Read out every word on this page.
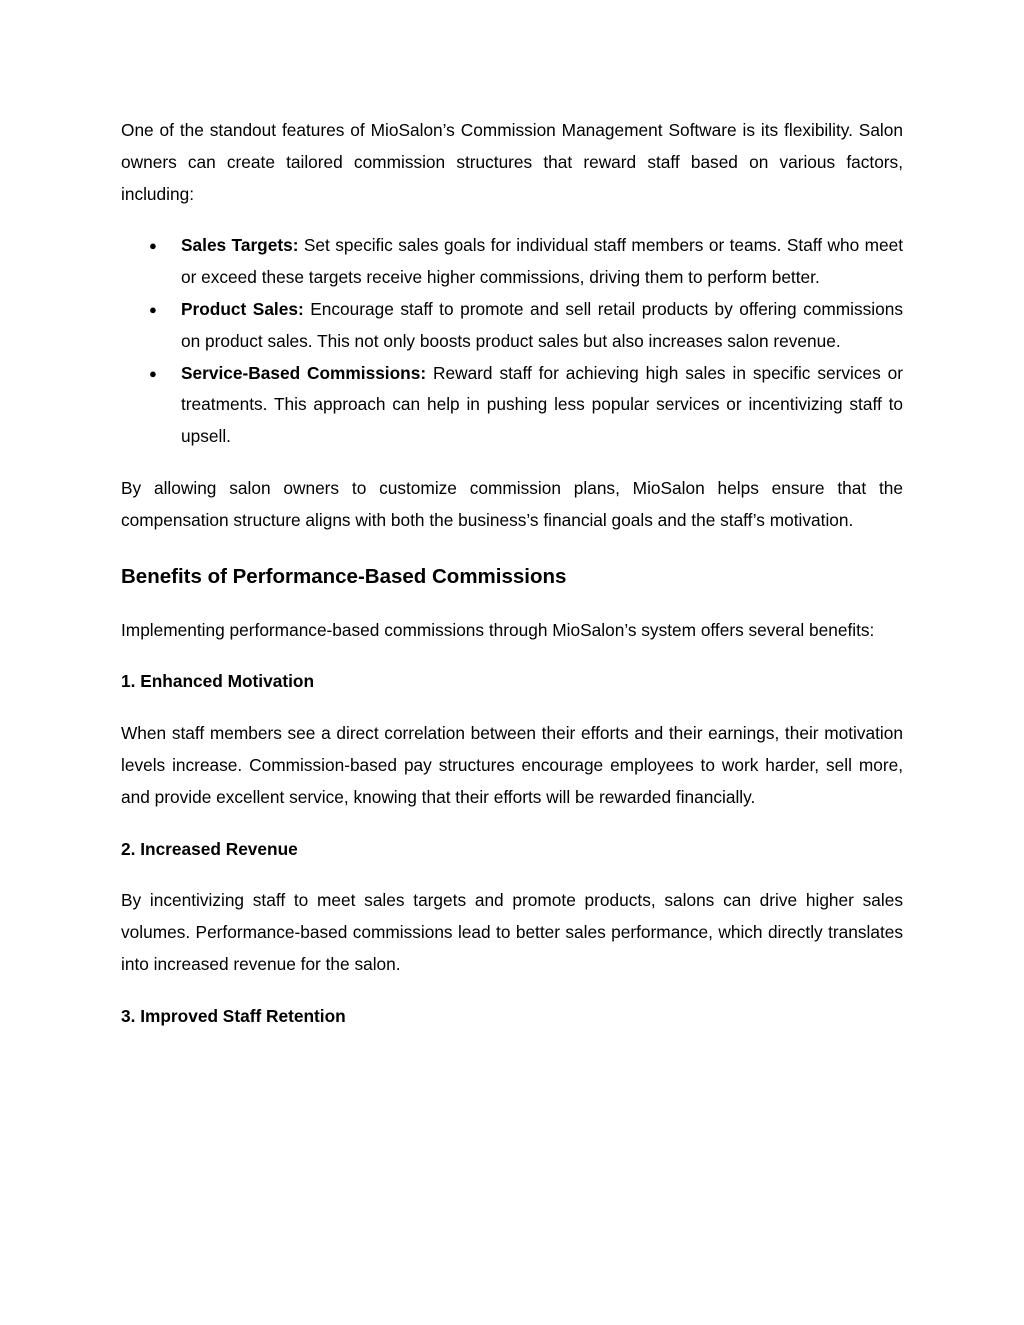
One of the standout features of MioSalon’s Commission Management Software is its flexibility. Salon owners can create tailored commission structures that reward staff based on various factors, including:

● Sales Targets: Set specific sales goals for individual staff members or teams. Staff who meet or exceed these targets receive higher commissions, driving them to perform better.
● Product Sales: Encourage staff to promote and sell retail products by offering commissions on product sales. This not only boosts product sales but also increases salon revenue.
● Service-Based Commissions: Reward staff for achieving high sales in specific services or treatments. This approach can help in pushing less popular services or incentivizing staff to upsell.

By allowing salon owners to customize commission plans, MioSalon helps ensure that the compensation structure aligns with both the business’s financial goals and the staff’s motivation.

Benefits of Performance-Based Commissions

Implementing performance-based commissions through MioSalon’s system offers several benefits:

1. Enhanced Motivation

When staff members see a direct correlation between their efforts and their earnings, their motivation levels increase. Commission-based pay structures encourage employees to work harder, sell more, and provide excellent service, knowing that their efforts will be rewarded financially.

2. Increased Revenue

By incentivizing staff to meet sales targets and promote products, salons can drive higher sales volumes. Performance-based commissions lead to better sales performance, which directly translates into increased revenue for the salon.

3. Improved Staff Retention
